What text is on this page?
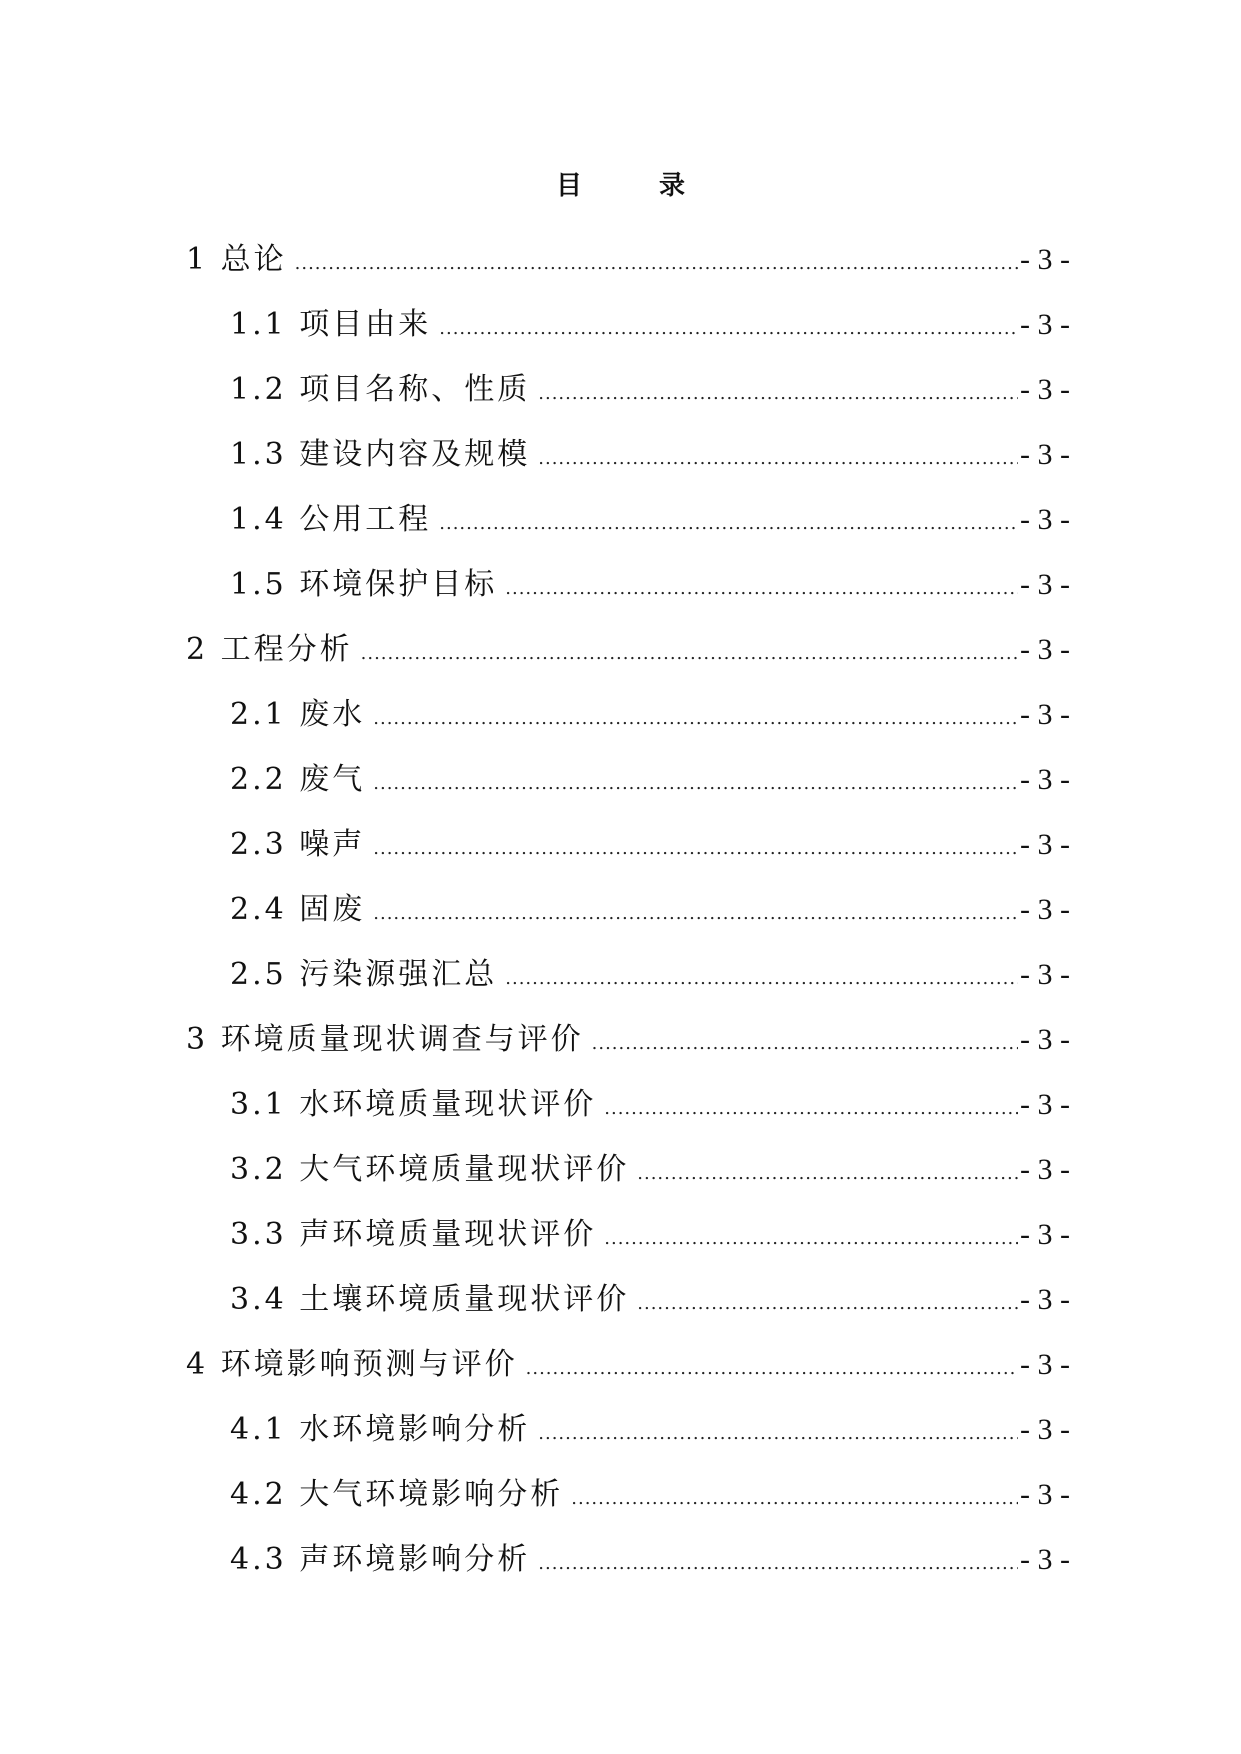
目 录
1 总论 .....	- 3 -
1.1 项目由来 .....	- 3 -
1.2 项目名称、性质 .....	- 3 -
1.3 建设内容及规模 .....	- 3 -
1.4 公用工程 .....	- 3 -
1.5 环境保护目标 .....	- 3 -
2 工程分析 .....	- 3 -
2.1 废水 .....	- 3 -
2.2 废气 .....	- 3 -
2.3 噪声 .....	- 3 -
2.4 固废 .....	- 3 -
2.5 污染源强汇总 .....	- 3 -
3 环境质量现状调查与评价 .....	- 3 -
3.1 水环境质量现状评价 .....	- 3 -
3.2 大气环境质量现状评价 .....	- 3 -
3.3 声环境质量现状评价 .....	- 3 -
3.4 土壤环境质量现状评价 .....	- 3 -
4 环境影响预测与评价 .....	- 3 -
4.1 水环境影响分析 .....	- 3 -
4.2 大气环境影响分析 .....	- 3 -
4.3 声环境影响分析 .....	- 3 -
